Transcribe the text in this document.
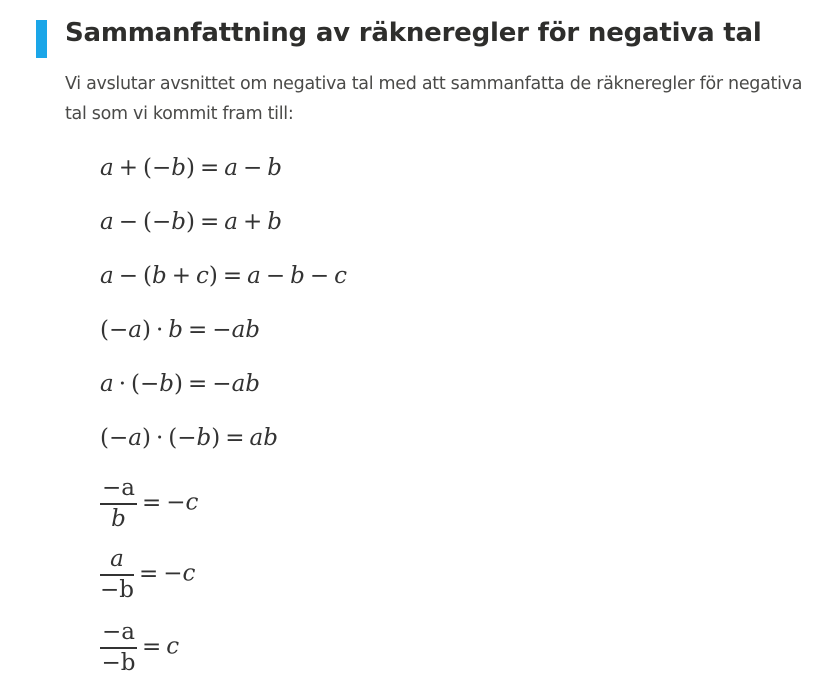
Sammanfattning av räkneregler för negativa tal

Vi avslutar avsnittet om negativa tal med att sammanfatta de räkneregler för negativa tal som vi kommit fram till:

a + (−b) = a − b
a − (−b) = a + b
a − (b + c) = a − b − c
(−a) · b = −ab
a · (−b) = −ab
(−a) · (−b) = ab
$\frac{-a}{b} = -c$
$\frac{a}{-b} = -c$
$\frac{-a}{-b} = c$
